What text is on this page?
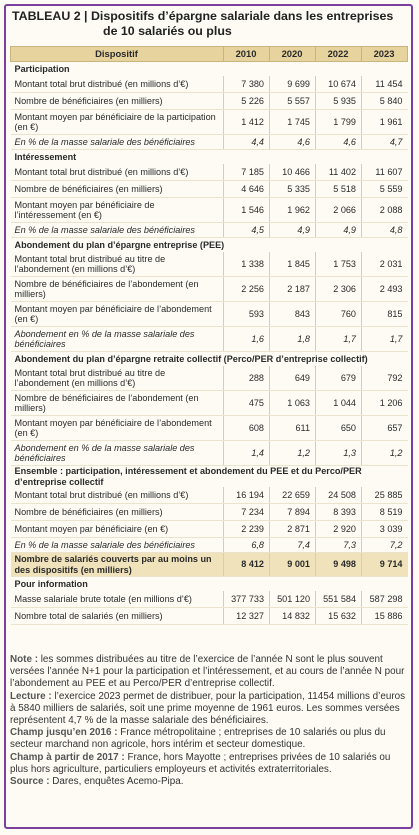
TABLEAU 2 | Dispositifs d’épargne salariale dans les entreprises
de 10 salariés ou plus
Dispositif	2010	2020	2022	2023
Participation				
Montant total brut distribué (en millions d’€)	7 380	9 699	10 674	11 454
Nombre de bénéficiaires (en milliers)	5 226	5 557	5 935	5 840
Montant moyen par bénéficiaire de la participation (en €)	1 412	1 745	1 799	1 961
En % de la masse salariale des bénéficiaires	4,4	4,6	4,6	4,7
Intéressement				
Montant total brut distribué (en millions d’€)	7 185	10 466	11 402	11 607
Nombre de bénéficiaires (en milliers)	4 646	5 335	5 518	5 559
Montant moyen par bénéficiaire de l’intéressement (en €)	1 546	1 962	2 066	2 088
En % de la masse salariale des bénéficiaires	4,5	4,9	4,9	4,8
Abondement du plan d’épargne entreprise (PEE)				
Montant total brut distribué au titre de l’abondement (en millions d’€)	1 338	1 845	1 753	2 031
Nombre de bénéficiaires de l’abondement (en milliers)	2 256	2 187	2 306	2 493
Montant moyen par bénéficiaire de l’abondement (en €)	593	843	760	815
Abondement en % de la masse salariale des bénéficiaires	1,6	1,8	1,7	1,7
Abondement du plan d’épargne retraite collectif (Perco/PER d’entreprise collectif)				
Montant total brut distribué au titre de l’abondement (en millions d’€)	288	649	679	792
Nombre de bénéficiaires de l’abondement (en milliers)	475	1 063	1 044	1 206
Montant moyen par bénéficiaire de l’abondement (en €)	608	611	650	657
Abondement en % de la masse salariale des bénéficiaires	1,4	1,2	1,3	1,2
Ensemble : participation, intéressement et abondement du PEE et du Perco/PER d’entreprise collectif				
Montant total brut distribué (en millions d’€)	16 194	22 659	24 508	25 885
Nombre de bénéficiaires (en milliers)	7 234	7 894	8 393	8 519
Montant moyen par bénéficiaire (en €)	2 239	2 871	2 920	3 039
En % de la masse salariale des bénéficiaires	6,8	7,4	7,3	7,2
Nombre de salariés couverts par au moins un des dispositifs (en milliers)	8 412	9 001	9 498	9 714
Pour information				
Masse salariale brute totale (en millions d’€)	377 733	501 120	551 584	587 298
Nombre total de salariés (en milliers)	12 327	14 832	15 632	15 886

Note : les sommes distribuées au titre de l’exercice de l’année N sont le plus souvent versées l’année N+1 pour la participation et l’intéressement, et au cours de l’année N pour l’abondement au PEE et au Perco/PER d’entreprise collectif.

Lecture : l’exercice 2023 permet de distribuer, pour la participation, 11454 millions d’euros à 5840 milliers de salariés, soit une prime moyenne de 1961 euros. Les sommes versées représentent 4,7 % de la masse salariale des bénéficiaires.

Champ jusqu’en 2016 : France métropolitaine ; entreprises de 10 salariés ou plus du secteur marchand non agricole, hors intérim et secteur domestique.

Champ à partir de 2017 : France, hors Mayotte ; entreprises privées de 10 salariés ou plus hors agriculture, particuliers employeurs et activités extraterritoriales.

Source : Dares, enquêtes Acemo-Pipa.
